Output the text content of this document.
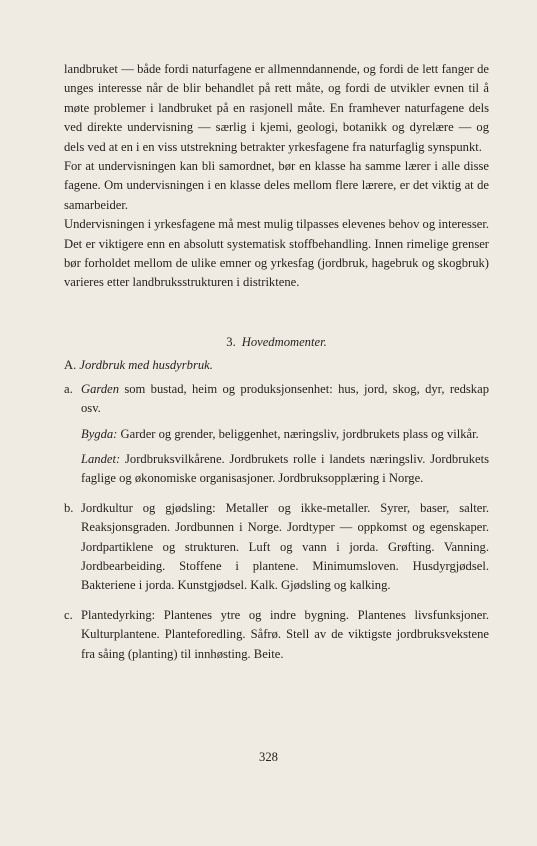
landbruket — både fordi naturfagene er allmenndannende, og fordi de lett fanger de unges interesse når de blir behandlet på rett måte, og fordi de utvikler evnen til å møte problemer i landbruket på en rasjonell måte. En framhever naturfagene dels ved direkte undervisning — særlig i kjemi, geologi, botanikk og dyrelære — og dels ved at en i en viss utstrekning betrakter yrkesfagene fra naturfaglig synspunkt.

For at undervisningen kan bli samordnet, bør en klasse ha samme lærer i alle disse fagene. Om undervisningen i en klasse deles mellom flere lærere, er det viktig at de samarbeider.

Undervisningen i yrkesfagene må mest mulig tilpasses elevenes behov og interesser. Det er viktigere enn en absolutt systematisk stoffbehandling. Innen rimelige grenser bør forholdet mellom de ulike emner og yrkesfag (jordbruk, hagebruk og skogbruk) varieres etter landbruksstrukturen i distriktene.

3. Hovedmomenter.
A. Jordbruk med husdyrbruk.
a. Garden som bustad, heim og produksjonsenhet: hus, jord, skog, dyr, redskap osv.

Bygda: Garder og grender, beliggenhet, næringsliv, jordbrukets plass og vilkår.

Landet: Jordbruksvilkårene. Jordbrukets rolle i landets næringsliv. Jordbrukets faglige og økonomiske organisasjoner. Jordbruksopplæring i Norge.

b. Jordkultur og gjødsling: Metaller og ikke-metaller. Syrer, baser, salter. Reaksjonsgraden. Jordbunnen i Norge. Jordtyper — oppkomst og egenskaper. Jordpartiklene og strukturen. Luft og vann i jorda. Grøfting. Vanning. Jordbearbeiding. Stoffene i plantene. Minimumsloven. Husdyrgjødsel. Bakteriene i jorda. Kunstgjødsel. Kalk. Gjødsling og kalking.

c. Plantedyrking: Plantenes ytre og indre bygning. Plantenes livsfunksjoner. Kulturplantene. Planteforedling. Såfrø. Stell av de viktigste jordbruksvekstene fra såing (planting) til innhøsting. Beite.

328
